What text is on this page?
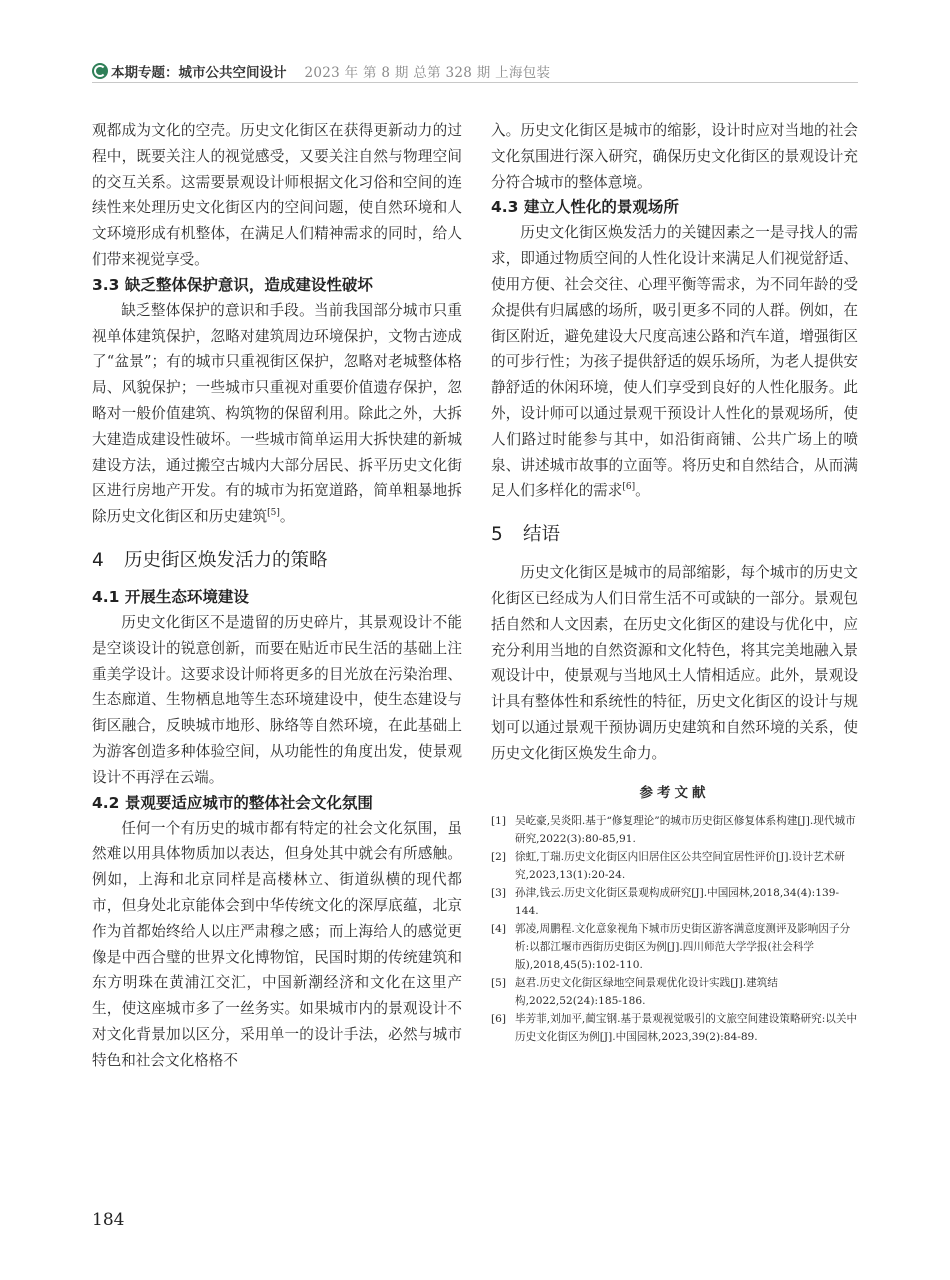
本期专题：城市公共空间设计 2023 年 第 8 期 总第 328 期 上海包装

观都成为文化的空壳。历史文化街区在获得更新动力的过程中，既要关注人的视觉感受，又要关注自然与物理空间的交互关系。这需要景观设计师根据文化习俗和空间的连续性来处理历史文化街区内的空间问题，使自然环境和人文环境形成有机整体，在满足人们精神需求的同时，给人们带来视觉享受。

3.3 缺乏整体保护意识，造成建设性破坏

缺乏整体保护的意识和手段。当前我国部分城市只重视单体建筑保护，忽略对建筑周边环境保护，文物古迹成了“盆景”；有的城市只重视街区保护，忽略对老城整体格局、风貌保护；一些城市只重视对重要价值遗存保护，忽略对一般价值建筑、构筑物的保留利用。除此之外，大拆大建造成建设性破坏。一些城市简单运用大拆快建的新城建设方法，通过搬空古城内大部分居民、拆平历史文化街区进行房地产开发。有的城市为拓宽道路，简单粗暴地拆除历史文化街区和历史建筑[5]。

4 历史街区焕发活力的策略
4.1 开展生态环境建设

历史文化街区不是遗留的历史碎片，其景观设计不能是空谈设计的锐意创新，而要在贴近市民生活的基础上注重美学设计。这要求设计师将更多的目光放在污染治理、生态廊道、生物栖息地等生态环境建设中，使生态建设与街区融合，反映城市地形、脉络等自然环境，在此基础上为游客创造多种体验空间，从功能性的角度出发，使景观设计不再浮在云端。

4.2 景观要适应城市的整体社会文化氛围

任何一个有历史的城市都有特定的社会文化氛围，虽然难以用具体物质加以表达，但身处其中就会有所感触。例如，上海和北京同样是高楼林立、街道纵横的现代都市，但身处北京能体会到中华传统文化的深厚底蕴，北京作为首都始终给人以庄严肃穆之感；而上海给人的感觉更像是中西合璧的世界文化博物馆，民国时期的传统建筑和东方明珠在黄浦江交汇，中国新潮经济和文化在这里产生，使这座城市多了一丝务实。如果城市内的景观设计不对文化背景加以区分，采用单一的设计手法，必然与城市特色和社会文化格格不

入。历史文化街区是城市的缩影，设计时应对当地的社会文化氛围进行深入研究，确保历史文化街区的景观设计充分符合城市的整体意境。

4.3 建立人性化的景观场所

历史文化街区焕发活力的关键因素之一是寻找人的需求，即通过物质空间的人性化设计来满足人们视觉舒适、使用方便、社会交往、心理平衡等需求，为不同年龄的受众提供有归属感的场所，吸引更多不同的人群。例如，在街区附近，避免建设大尺度高速公路和汽车道，增强街区的可步行性；为孩子提供舒适的娱乐场所，为老人提供安静舒适的休闲环境，使人们享受到良好的人性化服务。此外，设计师可以通过景观干预设计人性化的景观场所，使人们路过时能参与其中，如沿街商铺、公共广场上的喷泉、讲述城市故事的立面等。将历史和自然结合，从而满足人们多样化的需求[6]。

5 结语

历史文化街区是城市的局部缩影，每个城市的历史文化街区已经成为人们日常生活不可或缺的一部分。景观包括自然和人文因素，在历史文化街区的建设与优化中，应充分利用当地的自然资源和文化特色，将其完美地融入景观设计中，使景观与当地风土人情相适应。此外，景观设计具有整体性和系统性的特征，历史文化街区的设计与规划可以通过景观干预协调历史建筑和自然环境的关系，使历史文化街区焕发生命力。

参考文献
[1] 吴屹豪,吴炎阳.基于“修复理论”的城市历史街区修复体系构建[J].现代城市研究,2022(3):80-85,91.
[2] 徐虹,丁瑞.历史文化街区内旧居住区公共空间宜居性评价[J].设计艺术研究,2023,13(1):20-24.
[3] 孙津,钱云.历史文化街区景观构成研究[J].中国园林,2018,34(4):139-144.
[4] 郭凌,周鹏程.文化意象视角下城市历史街区游客满意度测评及影响因子分析:以都江堰市西街历史街区为例[J].四川师范大学学报(社会科学版),2018,45(5):102-110.
[5] 赵君.历史文化街区绿地空间景观优化设计实践[J].建筑结构,2022,52(24):185-186.
[6] 毕芳菲,刘加平,蔺宝钢.基于景观视觉吸引的文旅空间建设策略研究:以关中历史文化街区为例[J].中国园林,2023,39(2):84-89.
184
